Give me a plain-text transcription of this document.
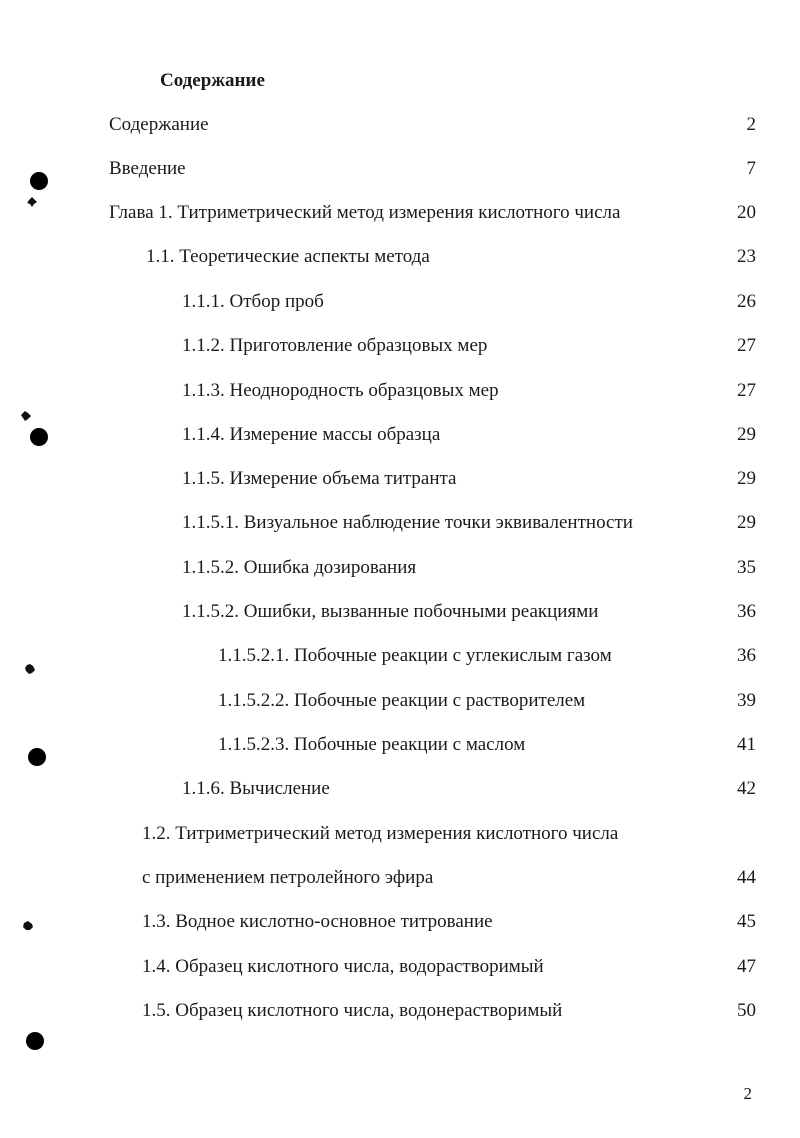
Содержание
Содержание	2
Введение	7
Глава 1. Титриметрический метод измерения кислотного числа	20
1.1. Теоретические аспекты метода	23
1.1.1. Отбор проб	26
1.1.2. Приготовление образцовых мер	27
1.1.3. Неоднородность образцовых мер	27
1.1.4. Измерение массы образца	29
1.1.5. Измерение объема титранта	29
1.1.5.1. Визуальное наблюдение точки эквивалентности	29
1.1.5.2. Ошибка дозирования	35
1.1.5.2. Ошибки, вызванные побочными реакциями	36
1.1.5.2.1. Побочные реакции с углекислым газом	36
1.1.5.2.2. Побочные реакции с растворителем	39
1.1.5.2.3. Побочные реакции с маслом	41
1.1.6. Вычисление	42
1.2. Титриметрический метод измерения кислотного числа
с применением петролейного эфира	44
1.3. Водное кислотно-основное титрование	45
1.4. Образец кислотного числа, водорастворимый	47
1.5. Образец кислотного числа, водонерастворимый	50
2
